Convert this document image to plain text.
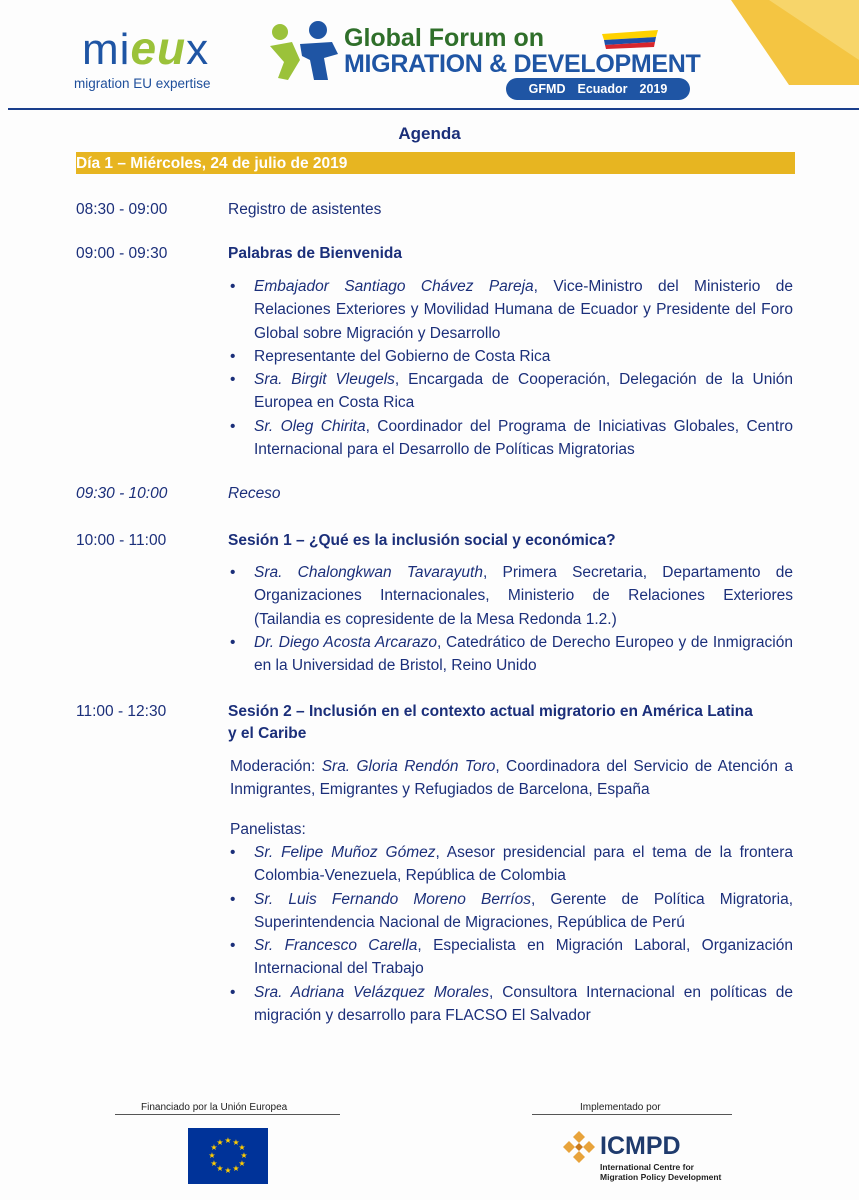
mieux
migration EU expertise
Global Forum on
MIGRATION & DEVELOPMENT
GFMD Ecuador 2019
Agenda
Día 1 – Miércoles, 24 de julio de 2019
08:30 - 09:00	Registro de asistentes
09:00 - 09:30	Palabras de Bienvenida
• Embajador Santiago Chávez Pareja, Vice-Ministro del Ministerio de Relaciones Exteriores y Movilidad Humana de Ecuador y Presidente del Foro Global sobre Migración y Desarrollo
• Representante del Gobierno de Costa Rica
• Sra. Birgit Vleugels, Encargada de Cooperación, Delegación de la Unión Europea en Costa Rica
• Sr. Oleg Chirita, Coordinador del Programa de Iniciativas Globales, Centro Internacional para el Desarrollo de Políticas Migratorias
09:30 - 10:00	Receso
10:00 - 11:00	Sesión 1 – ¿Qué es la inclusión social y económica?
• Sra. Chalongkwan Tavarayuth, Primera Secretaria, Departamento de Organizaciones Internacionales, Ministerio de Relaciones Exteriores (Tailandia es copresidente de la Mesa Redonda 1.2.)
• Dr. Diego Acosta Arcarazo, Catedrático de Derecho Europeo y de Inmigración en la Universidad de Bristol, Reino Unido
11:00 - 12:30	Sesión 2 – Inclusión en el contexto actual migratorio en América Latina
y el Caribe
Moderación: Sra. Gloria Rendón Toro, Coordinadora del Servicio de Atención a Inmigrantes, Emigrantes y Refugiados de Barcelona, España
Panelistas:
• Sr. Felipe Muñoz Gómez, Asesor presidencial para el tema de la frontera Colombia-Venezuela, República de Colombia
• Sr. Luis Fernando Moreno Berríos, Gerente de Política Migratoria, Superintendencia Nacional de Migraciones, República de Perú
• Sr. Francesco Carella, Especialista en Migración Laboral, Organización Internacional del Trabajo
• Sra. Adriana Velázquez Morales, Consultora Internacional en políticas de migración y desarrollo para FLACSO El Salvador
Financiado por la Unión Europea
★ ★
★
★
★
★
★
★
★
★
★
★
Implementado por
ICMPD
International Centre for
Migration Policy Development
